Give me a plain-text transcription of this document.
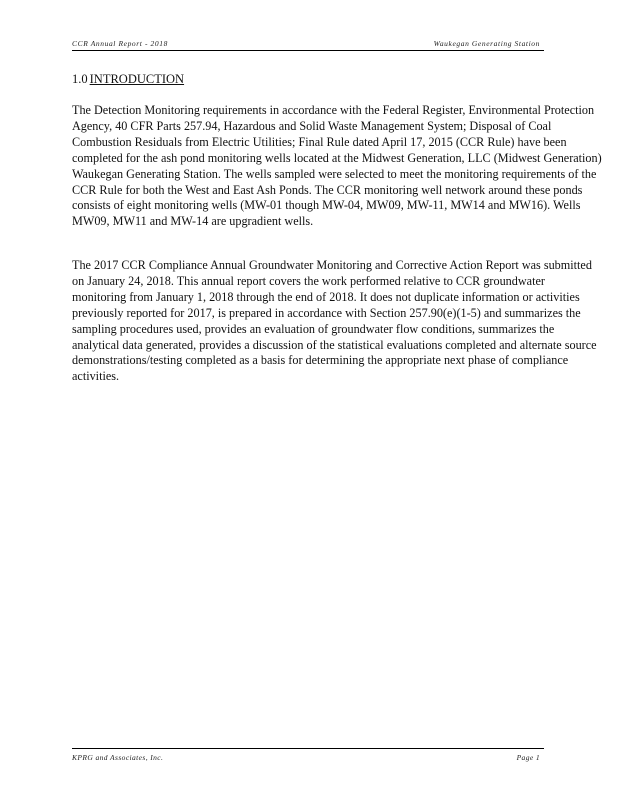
CCR Annual Report - 2018	Waukegan Generating Station
1.0 INTRODUCTION

The Detection Monitoring requirements in accordance with the Federal Register, Environmental Protection Agency, 40 CFR Parts 257.94, Hazardous and Solid Waste Management System; Disposal of Coal Combustion Residuals from Electric Utilities; Final Rule dated April 17, 2015 (CCR Rule) have been completed for the ash pond monitoring wells located at the Midwest Generation, LLC (Midwest Generation) Waukegan Generating Station. The wells sampled were selected to meet the monitoring requirements of the CCR Rule for both the West and East Ash Ponds. The CCR monitoring well network around these ponds consists of eight monitoring wells (MW-01 though MW-04, MW09, MW-11, MW14 and MW16). Wells MW09, MW11 and MW-14 are upgradient wells.

The 2017 CCR Compliance Annual Groundwater Monitoring and Corrective Action Report was submitted on January 24, 2018. This annual report covers the work performed relative to CCR groundwater monitoring from January 1, 2018 through the end of 2018. It does not duplicate information or activities previously reported for 2017, is prepared in accordance with Section 257.90(e)(1-5) and summarizes the sampling procedures used, provides an evaluation of groundwater flow conditions, summarizes the analytical data generated, provides a discussion of the statistical evaluations completed and alternate source demonstrations/testing completed as a basis for determining the appropriate next phase of compliance activities.

KPRG and Associates, Inc.	Page 1
